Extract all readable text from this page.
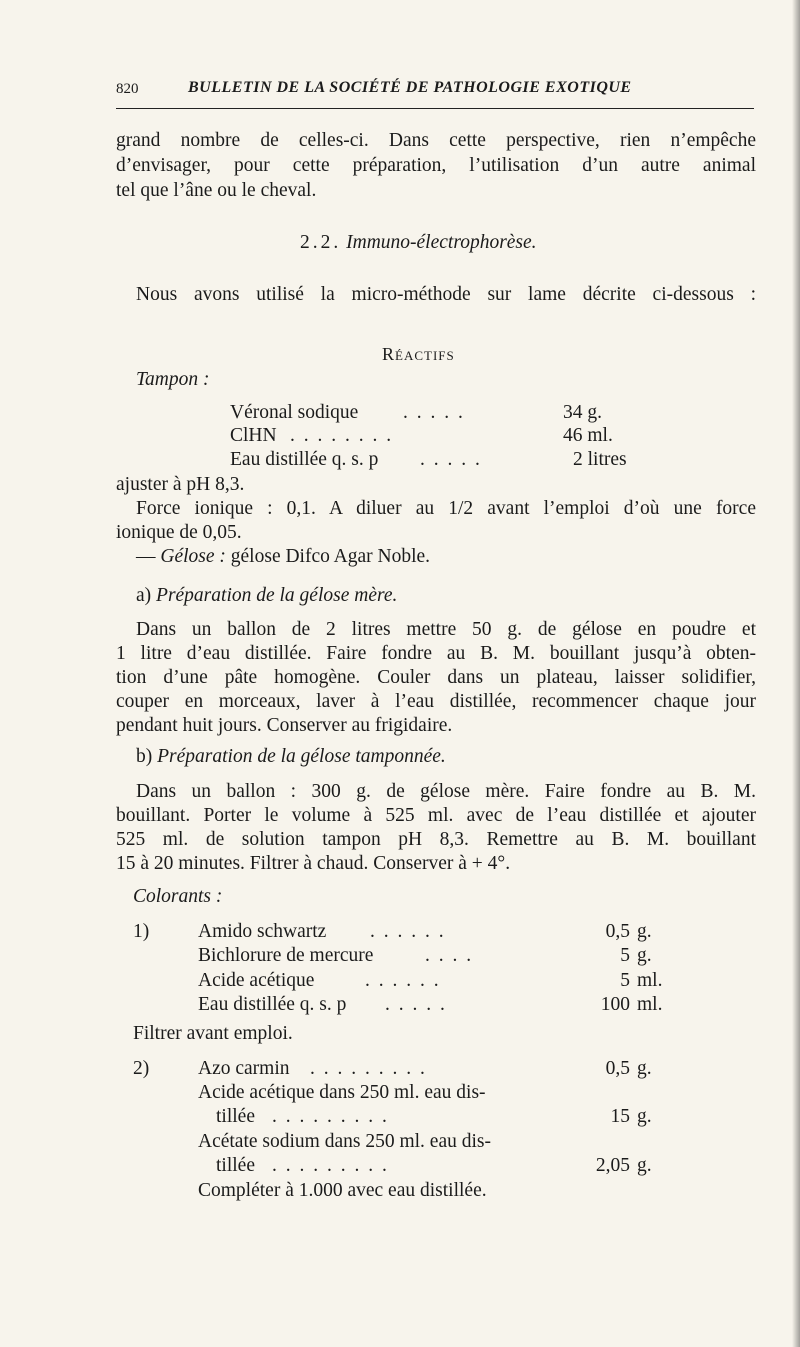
820	BULLETIN DE LA SOCIÉTÉ DE PATHOLOGIE EXOTIQUE
grand nombre de celles-ci. Dans cette perspective, rien n’empêche
d’envisager, pour cette préparation, l’utilisation d’un autre animal
tel que l’âne ou le cheval.
2.2. Immuno-électrophorèse.
Nous avons utilisé la micro-méthode sur lame décrite ci-dessous :
Réactifs
Tampon :
Véronal sodique . . . . .	34 g.
ClHN . . . . . . . .	46 ml.
Eau distillée q. s. p . . . . .	2 litres
ajuster à pH 8,3.
Force ionique : 0,1. A diluer au 1/2 avant l’emploi d’où une force
ionique de 0,05.
— Gélose : gélose Difco Agar Noble.
a) Préparation de la gélose mère.
Dans un ballon de 2 litres mettre 50 g. de gélose en poudre et
1 litre d’eau distillée. Faire fondre au B. M. bouillant jusqu’à obten-
tion d’une pâte homogène. Couler dans un plateau, laisser solidifier,
couper en morceaux, laver à l’eau distillée, recommencer chaque jour
pendant huit jours. Conserver au frigidaire.
b) Préparation de la gélose tamponnée.
Dans un ballon : 300 g. de gélose mère. Faire fondre au B. M.
bouillant. Porter le volume à 525 ml. avec de l’eau distillée et ajouter
525 ml. de solution tampon pH 8,3. Remettre au B. M. bouillant
15 à 20 minutes. Filtrer à chaud. Conserver à + 4°.
Colorants :
1)	Amido schwartz . . . . . .	0,5 g.
Bichlorure de mercure	. . . .	5 g.
Acide acétique	. . . . . .	5 ml.
Eau distillée q. s. p . . . . .	100 ml.
Filtrer avant emploi.
2)	Azo carmin . . . . . . . . .	0,5 g.
Acide acétique dans 250 ml. eau dis-
tillée . . . . . . . . .	15 g.
Acétate sodium dans 250 ml. eau dis-
tillée . . . . . . . . .	2,05 g.
Compléter à 1.000 avec eau distillée.
